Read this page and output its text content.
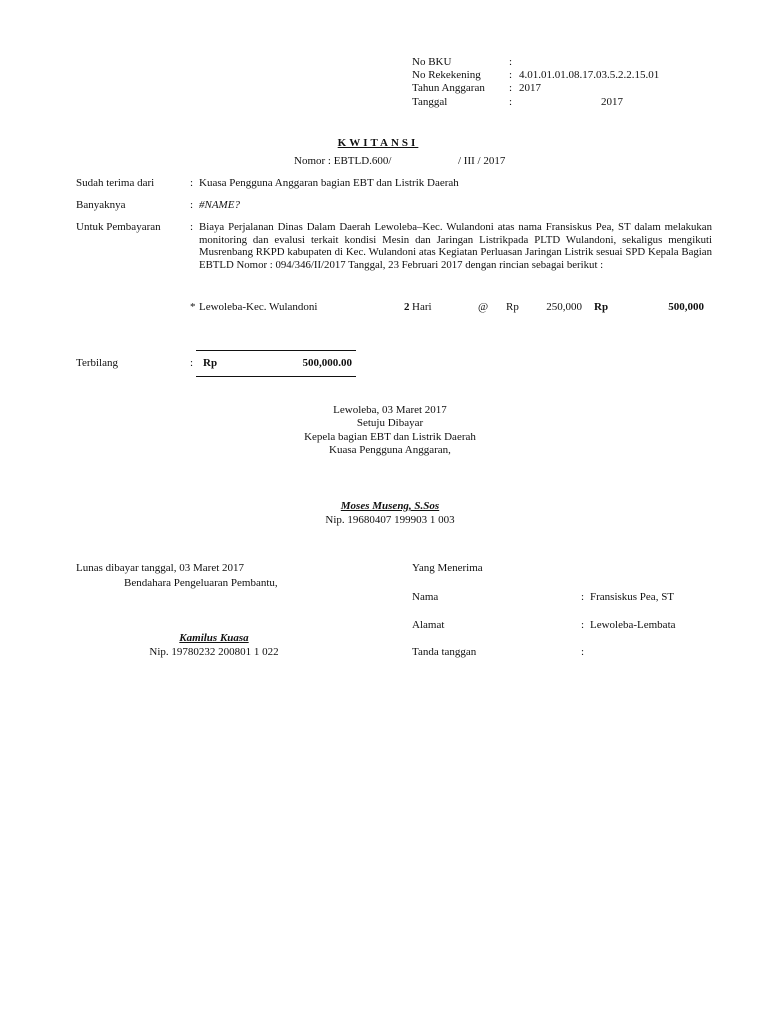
No BKU	:
No Rekekening	: 4.01.01.01.08.17.03.5.2.2.15.01
Tahun Anggaran : 2017
Tanggal	:	2017
KWITANSI
Nomor : EBTLD.600/	/ III / 2017
Sudah terima dari	: Kuasa Pengguna Anggaran bagian EBT dan Listrik Daerah
Banyaknya	: #NAME?
Untuk Pembayaran	: Biaya Perjalanan Dinas Dalam Daerah Lewoleba–Kec. Wulandoni atas nama Fransiskus Pea, ST dalam melakukan monitoring dan evalusi terkait kondisi Mesin dan Jaringan Listrikpada PLTD Wulandoni, sekaligus mengikuti Musrenbang RKPD kabupaten di Kec. Wulandoni atas Kegiatan Perluasan Jaringan Listrik sesuai SPD Kepala Bagian EBTLD Nomor : 094/346/II/2017 Tanggal, 23 Februari 2017 dengan rincian sebagai berikut :
* Lewoleba-Kec. Wulandoni	2 Hari	@ Rp	250,000 Rp	500,000
Terbilang	: Rp	500,000.00
Lewoleba, 03 Maret 2017
Setuju Dibayar
Kepela bagian EBT dan Listrik Daerah
Kuasa Pengguna Anggaran,
Moses Museng, S.Sos
Nip. 19680407 199903 1 003
Lunas dibayar tanggal, 03 Maret 2017
Bendahara Pengeluaran Pembantu,
Kamilus Kuasa
Nip. 19780232 200801 1 022
Yang Menerima
Nama	: Fransiskus Pea, ST
Alamat	: Lewoleba-Lembata
Tanda tanggan	:
